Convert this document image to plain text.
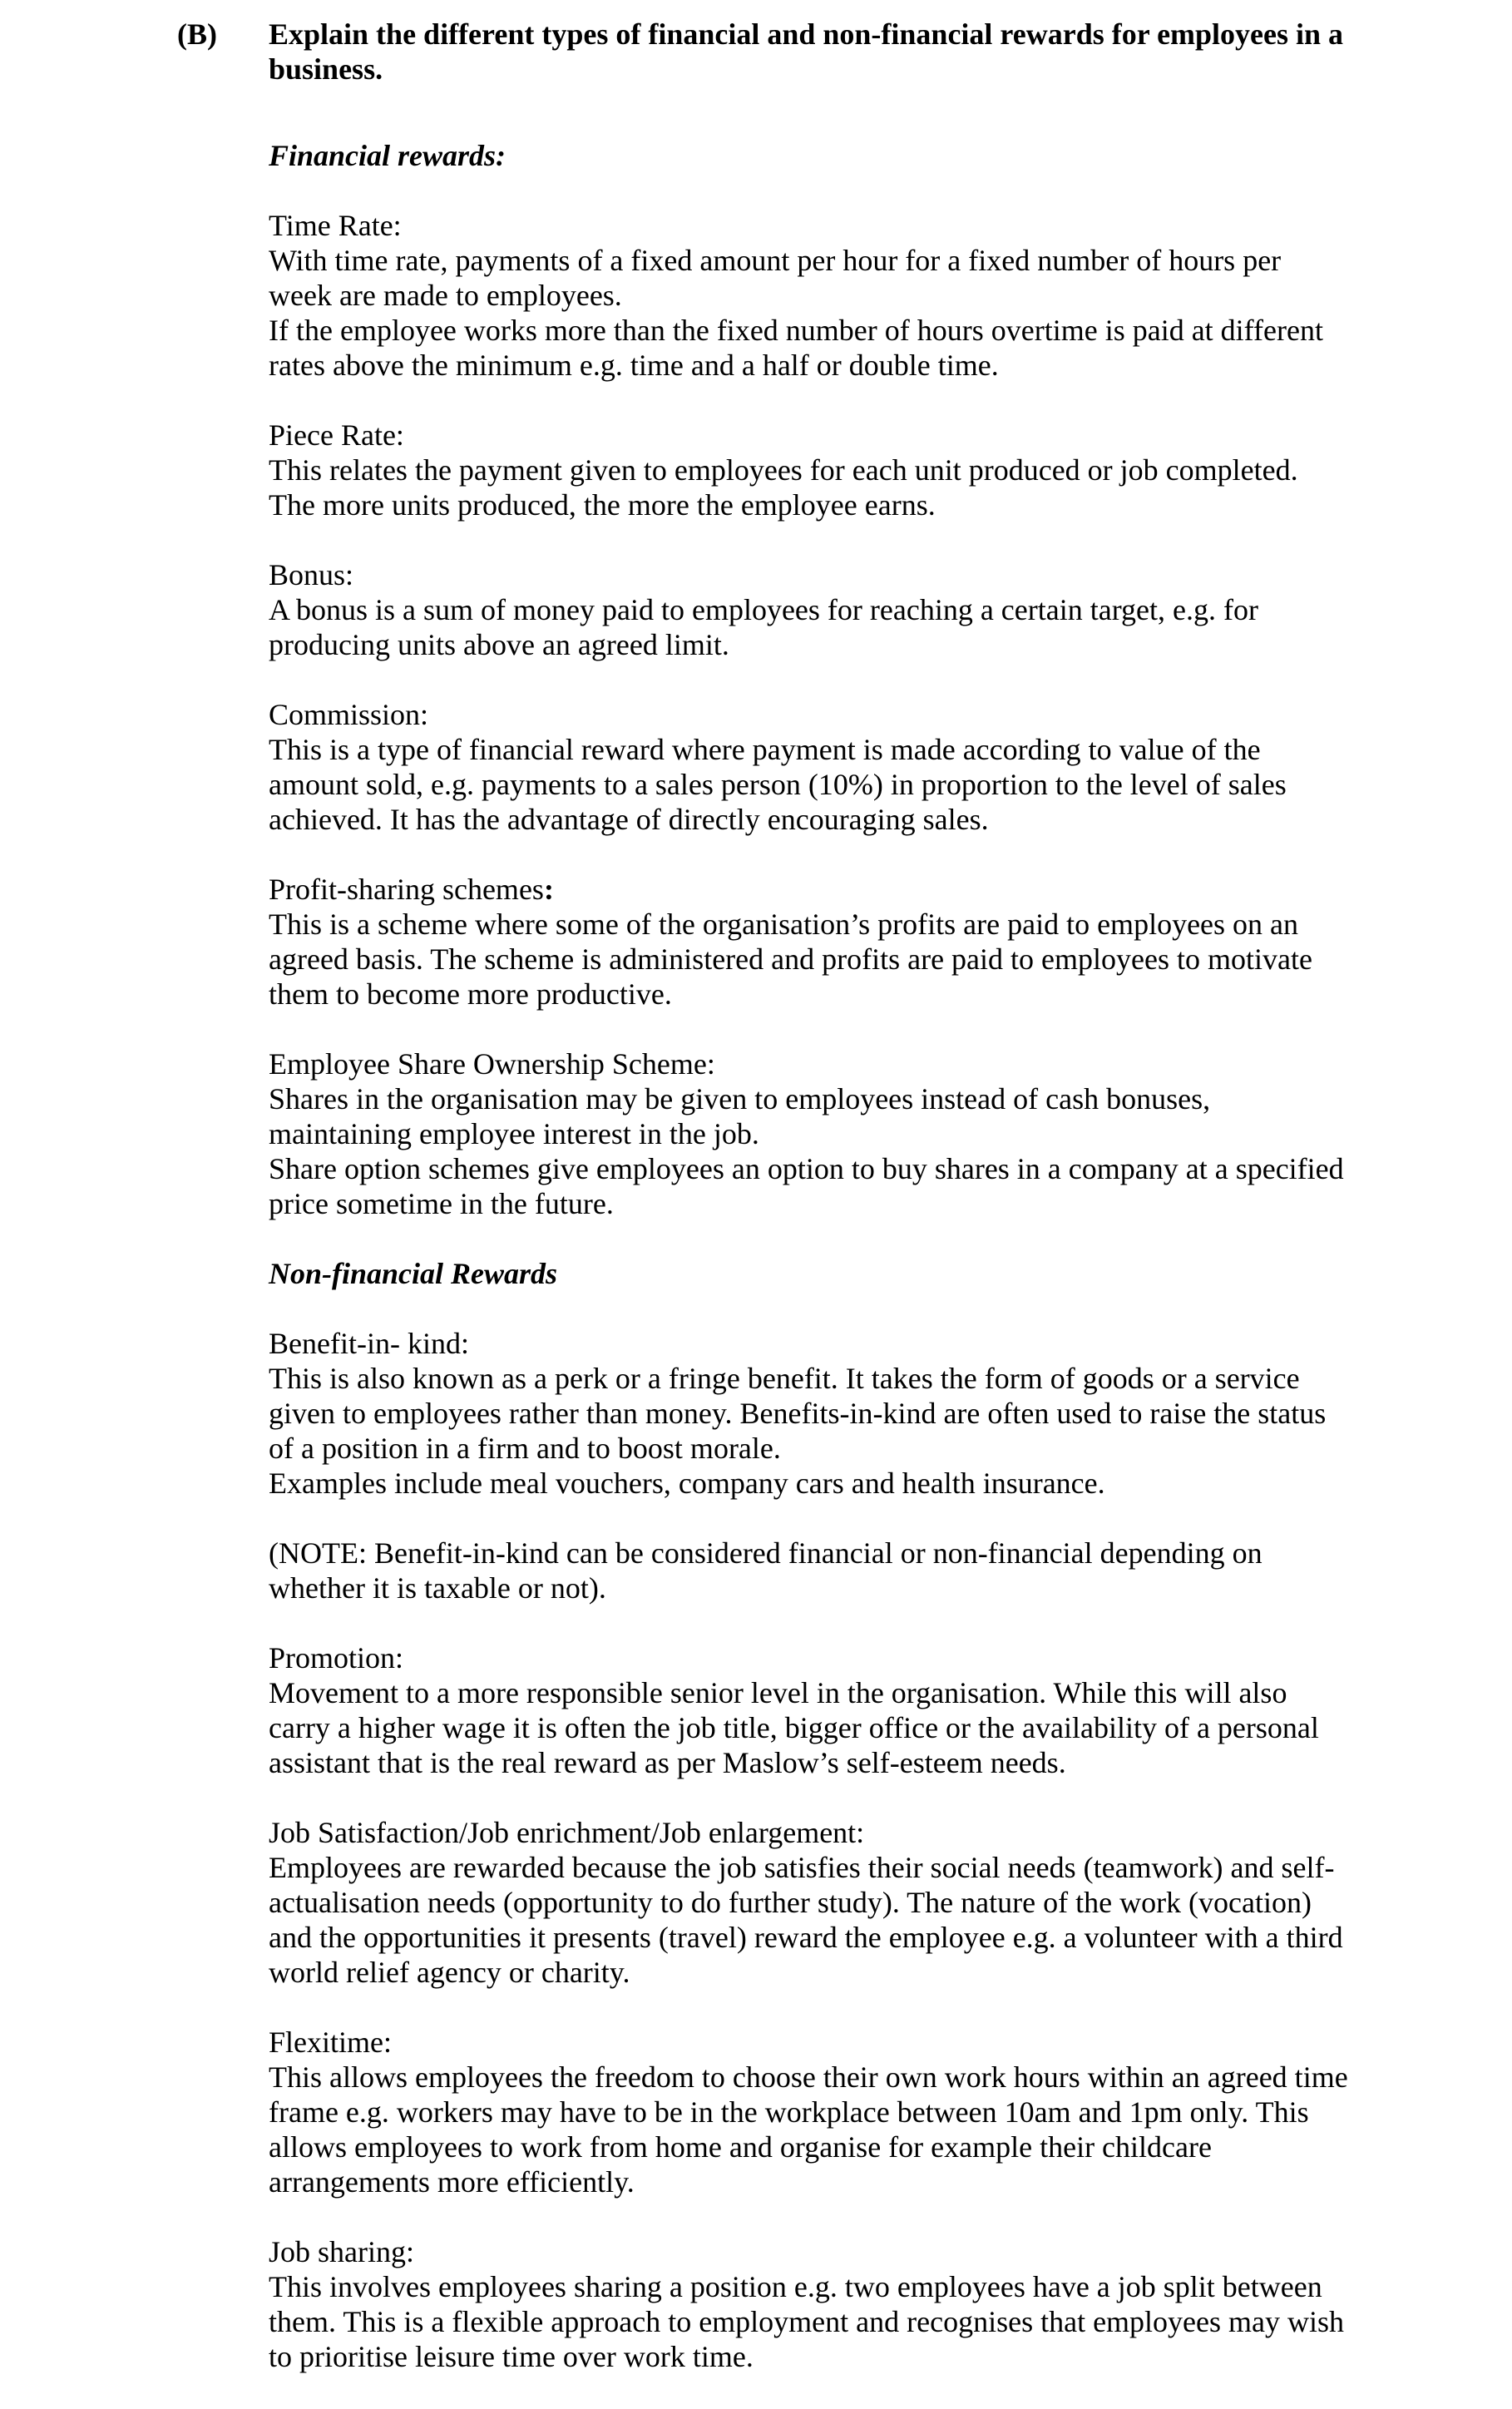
(B) Explain the different types of financial and non-financial rewards for employees in a business.
Financial rewards:
Time Rate:
With time rate, payments of a fixed amount per hour for a fixed number of hours per week are made to employees.
If the employee works more than the fixed number of hours overtime is paid at different rates above the minimum e.g. time and a half or double time.
Piece Rate:
This relates the payment given to employees for each unit produced or job completed. The more units produced, the more the employee earns.
Bonus:
A bonus is a sum of money paid to employees for reaching a certain target, e.g. for producing units above an agreed limit.
Commission:
This is a type of financial reward where payment is made according to value of the amount sold, e.g. payments to a sales person (10%) in proportion to the level of sales achieved. It has the advantage of directly encouraging sales.
Profit-sharing schemes:
This is a scheme where some of the organisation’s profits are paid to employees on an agreed basis. The scheme is administered and profits are paid to employees to motivate them to become more productive.
Employee Share Ownership Scheme:
Shares in the organisation may be given to employees instead of cash bonuses, maintaining employee interest in the job.
Share option schemes give employees an option to buy shares in a company at a specified price sometime in the future.
Non-financial Rewards
Benefit-in- kind:
This is also known as a perk or a fringe benefit. It takes the form of goods or a service given to employees rather than money. Benefits-in-kind are often used to raise the status of a position in a firm and to boost morale.
Examples include meal vouchers, company cars and health insurance.
(NOTE: Benefit-in-kind can be considered financial or non-financial depending on whether it is taxable or not).
Promotion:
Movement to a more responsible senior level in the organisation. While this will also carry a higher wage it is often the job title, bigger office or the availability of a personal assistant that is the real reward as per Maslow’s self-esteem needs.
Job Satisfaction/Job enrichment/Job enlargement:
Employees are rewarded because the job satisfies their social needs (teamwork) and self- actualisation needs (opportunity to do further study). The nature of the work (vocation) and the opportunities it presents (travel) reward the employee e.g. a volunteer with a third world relief agency or charity.
Flexitime:
This allows employees the freedom to choose their own work hours within an agreed time frame e.g. workers may have to be in the workplace between 10am and 1pm only. This allows employees to work from home and organise for example their childcare arrangements more efficiently.
Job sharing:
This involves employees sharing a position e.g. two employees have a job split between them. This is a flexible approach to employment and recognises that employees may wish to prioritise leisure time over work time.
